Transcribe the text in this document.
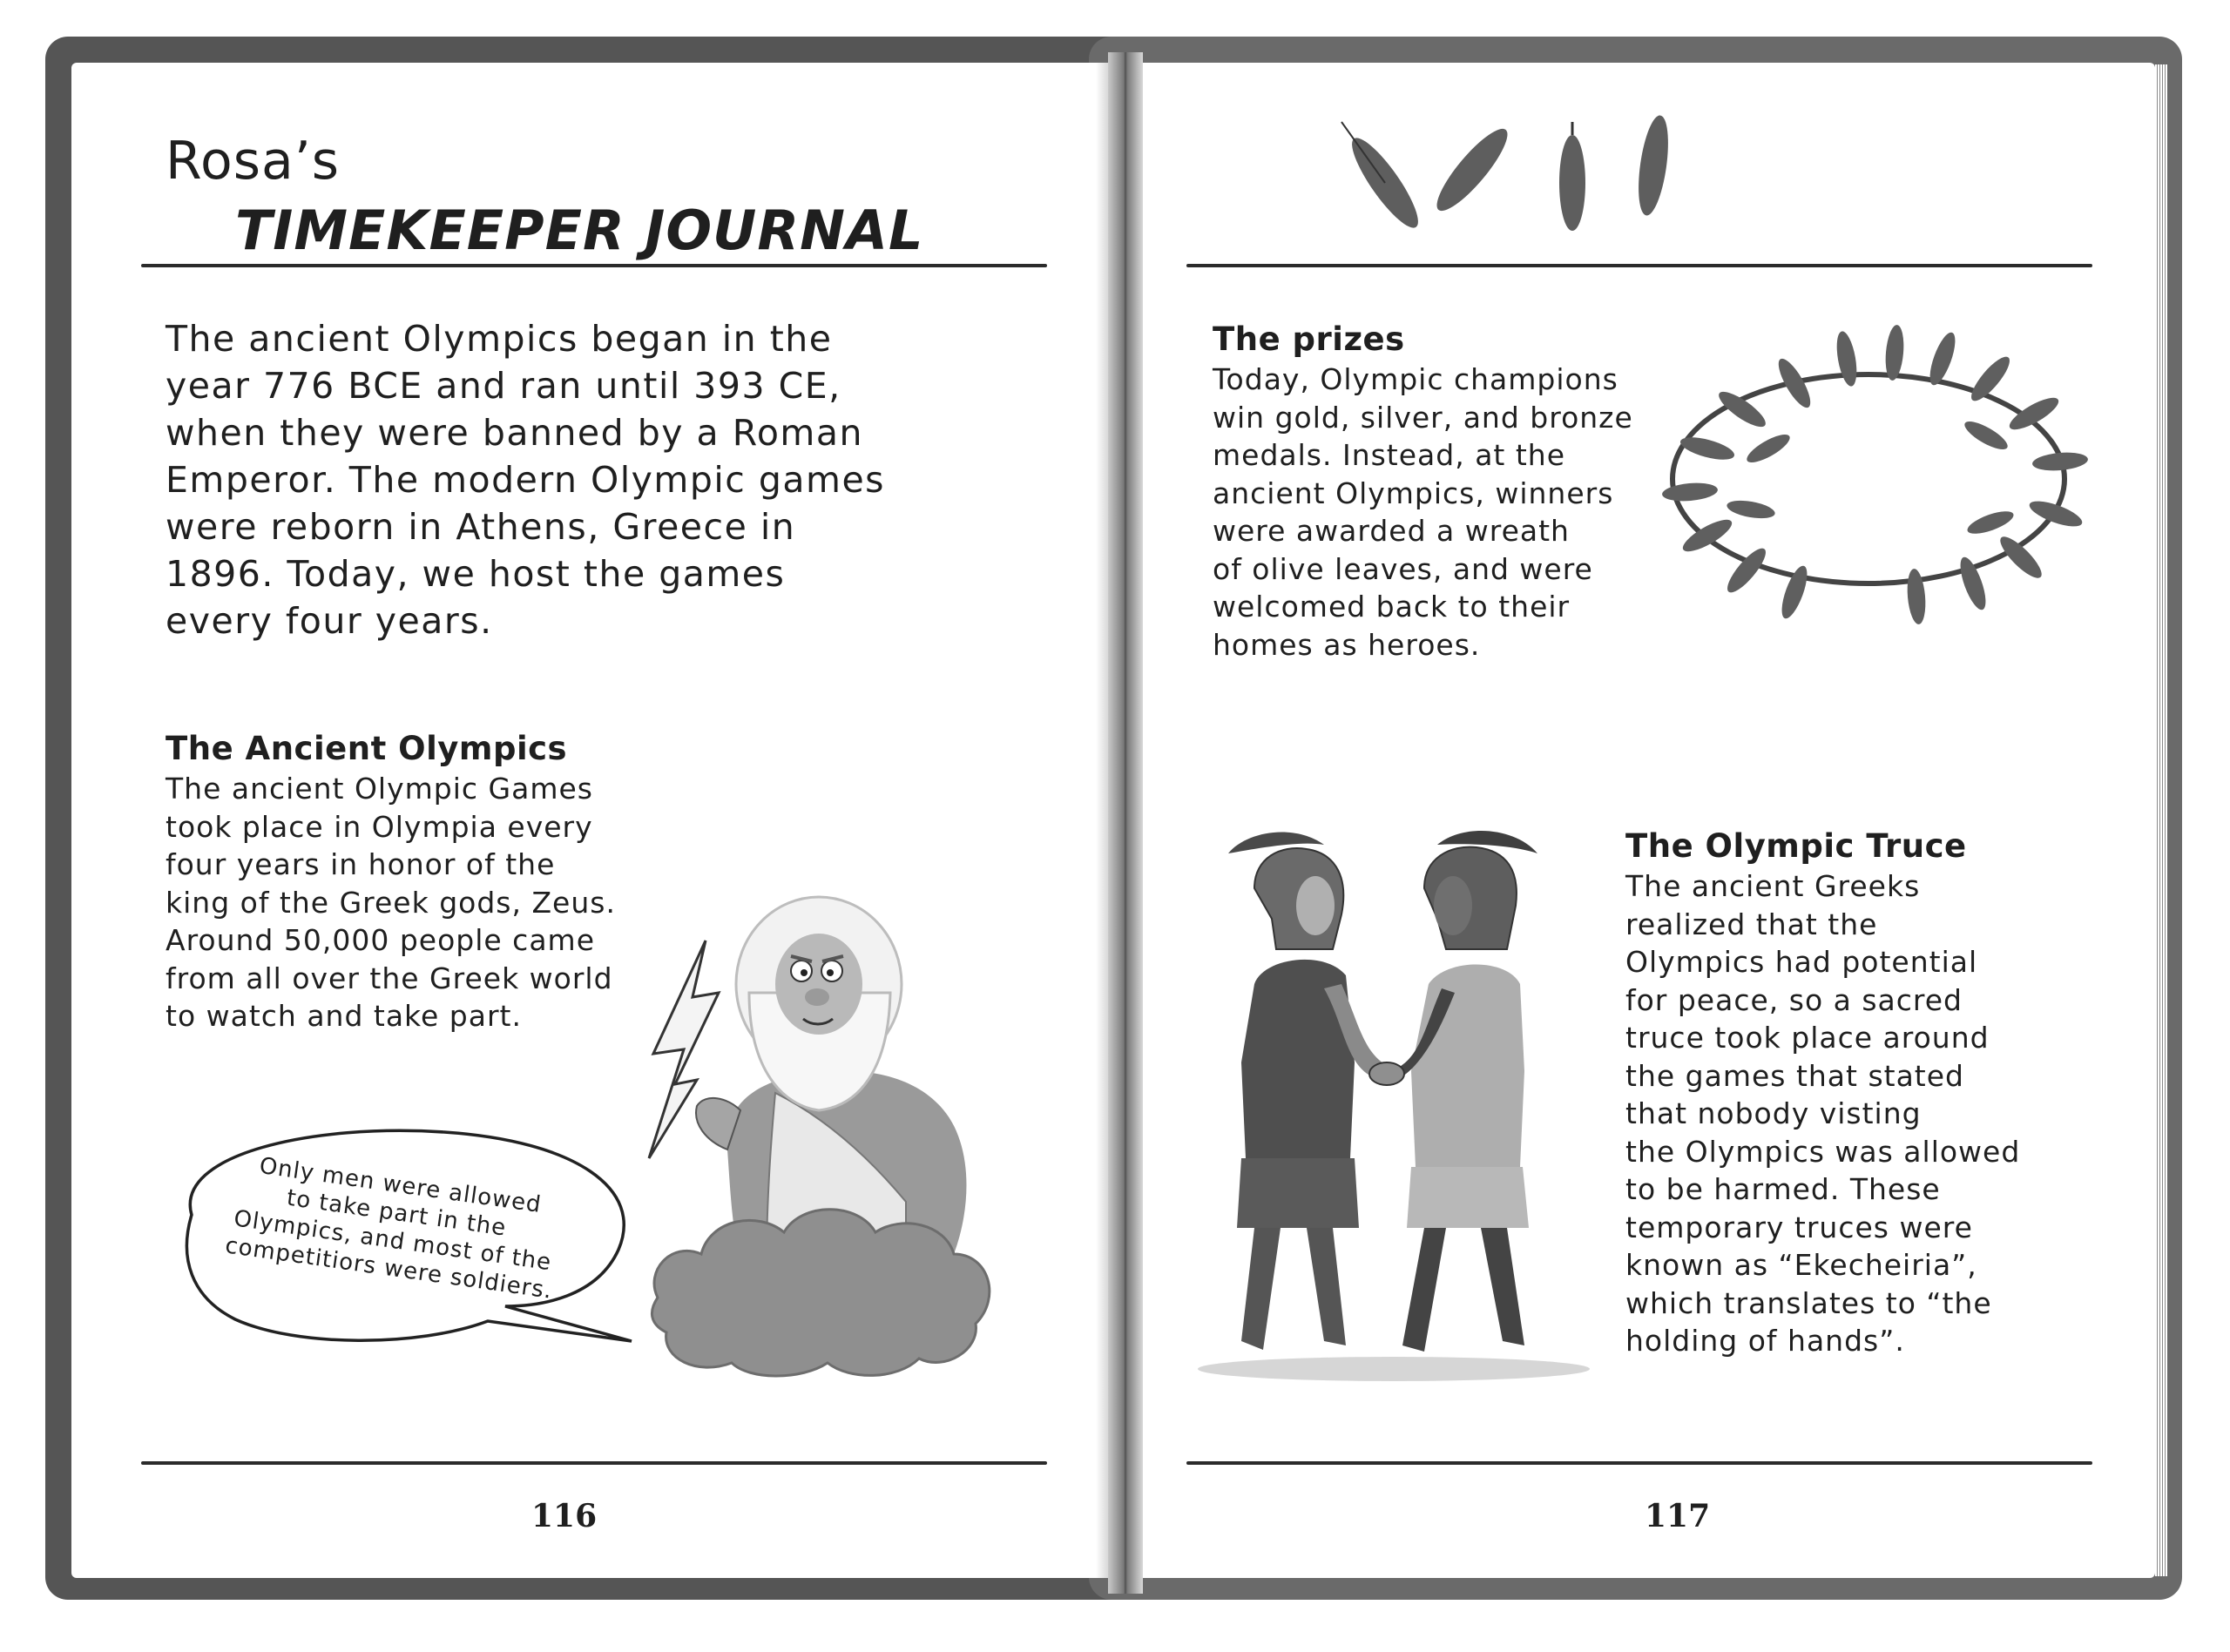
Rosa’s
TIMEKEEPER JOURNAL

The ancient Olympics began in the
year 776 BCE and ran until 393 CE,
when they were banned by a Roman
Emperor. The modern Olympic games
were reborn in Athens, Greece in
1896. Today, we host the games
every four years.

The Ancient Olympics

The ancient Olympic Games
took place in Olympia every
four years in honor of the
king of the Greek gods, Zeus.
Around 50,000 people came
from all over the Greek world
to watch and take part.

Only men were allowed
to take part in the
Olympics, and most of the
competitiors were soldiers.
116
The prizes

Today, Olympic champions
win gold, silver, and bronze
medals. Instead, at the
ancient Olympics, winners
were awarded a wreath
of olive leaves, and were
welcomed back to their
homes as heroes.

The Olympic Truce

The ancient Greeks
realized that the
Olympics had potential
for peace, so a sacred
truce took place around
the games that stated
that nobody visting
the Olympics was allowed
to be harmed. These
temporary truces were
known as “Ekecheiria”,
which translates to “the
holding of hands”.

117
